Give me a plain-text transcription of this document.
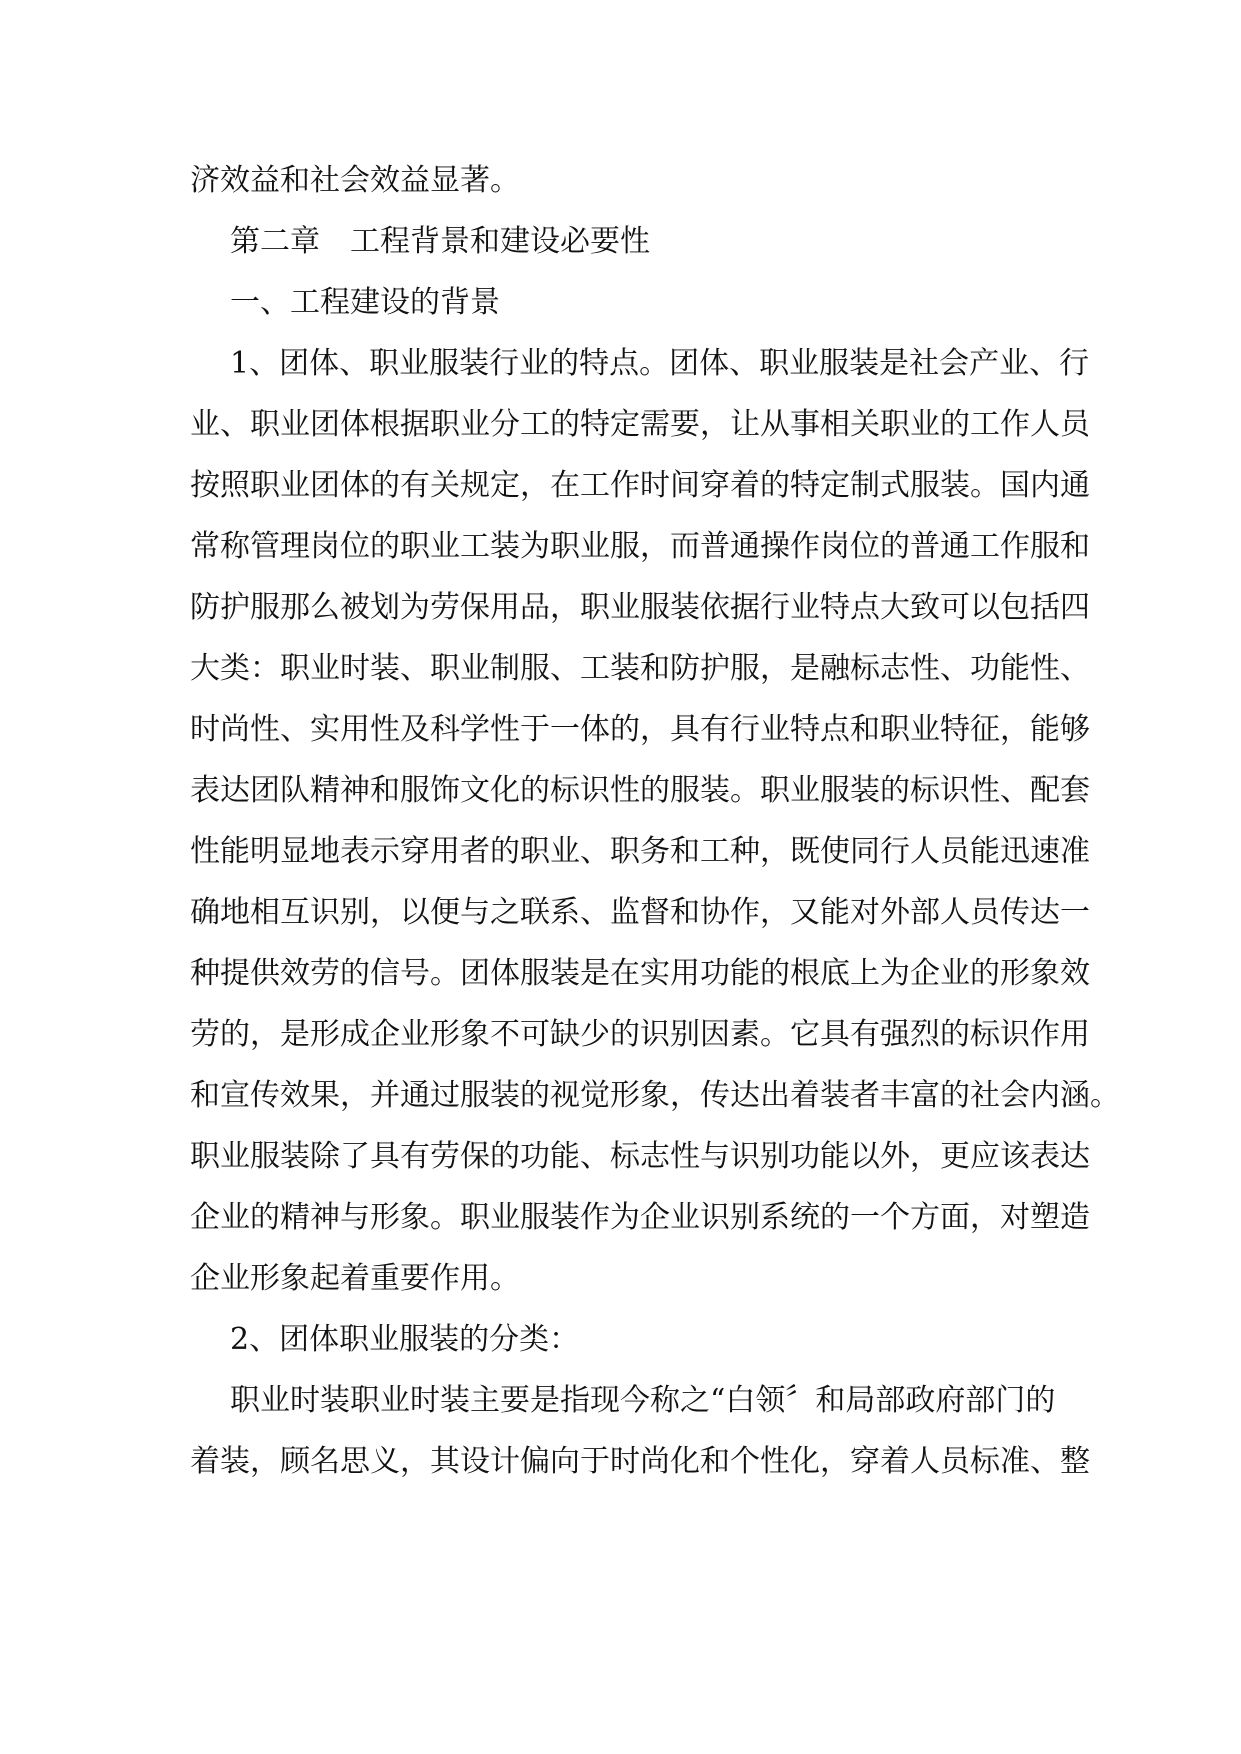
济效益和社会效益显著。
第二章　工程背景和建设必要性
一、工程建设的背景
1、团体、职业服装行业的特点。团体、职业服装是社会产业、行
业、职业团体根据职业分工的特定需要，让从事相关职业的工作人员
按照职业团体的有关规定，在工作时间穿着的特定制式服装。国内通
常称管理岗位的职业工装为职业服，而普通操作岗位的普通工作服和
防护服那么被划为劳保用品，职业服装依据行业特点大致可以包括四
大类：职业时装、职业制服、工装和防护服，是融标志性、功能性、
时尚性、实用性及科学性于一体的，具有行业特点和职业特征，能够
表达团队精神和服饰文化的标识性的服装。职业服装的标识性、配套
性能明显地表示穿用者的职业、职务和工种，既使同行人员能迅速准
确地相互识别，以便与之联系、监督和协作，又能对外部人员传达一
种提供效劳的信号。团体服装是在实用功能的根底上为企业的形象效
劳的，是形成企业形象不可缺少的识别因素。它具有强烈的标识作用
和宣传效果，并通过服装的视觉形象，传达出着装者丰富的社会内涵。
职业服装除了具有劳保的功能、标志性与识别功能以外，更应该表达
企业的精神与形象。职业服装作为企业识别系统的一个方面，对塑造
企业形象起着重要作用。
2、团体职业服装的分类：
职业时装职业时装主要是指现今称之“白领〞和局部政府部门的
着装，顾名思义，其设计偏向于时尚化和个性化，穿着人员标准、整
